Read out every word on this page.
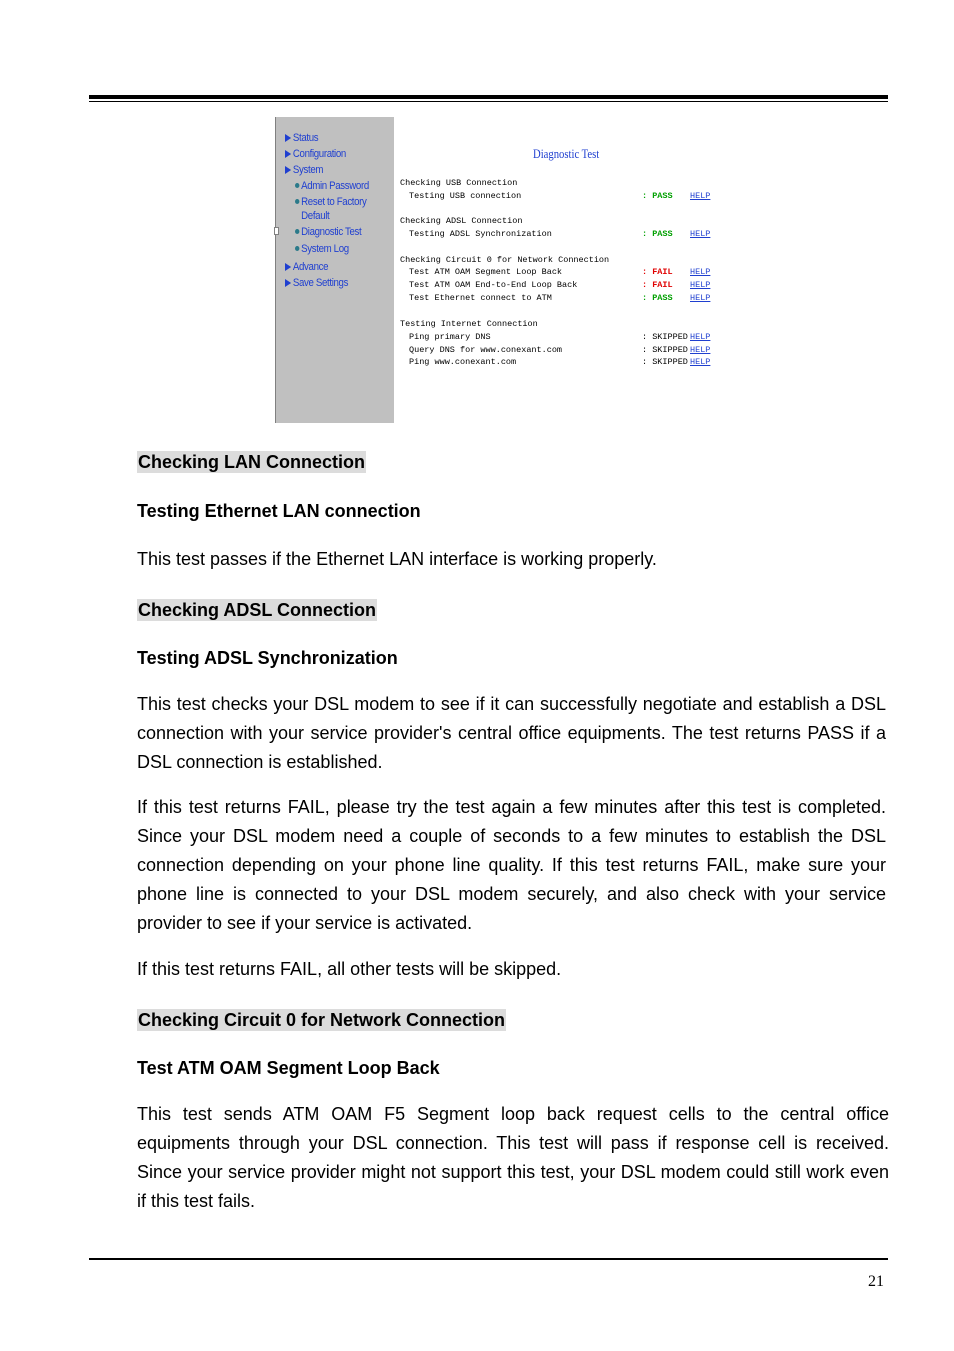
Status
Configuration
System
Admin Password
Reset to Factory
Default
Diagnostic Test
System Log
Advance
Save Settings
Diagnostic Test
Checking USB Connection
Testing USB connection	: PASS HELP
Checking ADSL Connection
Testing ADSL Synchronization	: PASS HELP
Checking Circuit 0 for Network Connection
Test ATM OAM Segment Loop Back	: FAIL HELP
Test ATM OAM End-to-End Loop Back	: FAIL HELP
Test Ethernet connect to ATM	: PASS HELP
Testing Internet Connection
Ping primary DNS	: SKIPPED HELP
Query DNS for www.conexant.com	: SKIPPED HELP
Ping www.conexant.com	: SKIPPED HELP
Checking LAN Connection
Testing Ethernet LAN connection
This test passes if the Ethernet LAN interface is working properly.
Checking ADSL Connection
Testing ADSL Synchronization
This test checks your DSL modem to see if it can successfully negotiate and establish a DSL connection with your service provider's central office equipments. The test returns PASS if a DSL connection is established.
If this test returns FAIL, please try the test again a few minutes after this test is completed. Since your DSL modem need a couple of seconds to a few minutes to establish the DSL connection depending on your phone line quality. If this test returns FAIL, make sure your phone line is connected to your DSL modem securely, and also check with your service provider to see if your service is activated.
If this test returns FAIL, all other tests will be skipped.
Checking Circuit 0 for Network Connection
Test ATM OAM Segment Loop Back
This test sends ATM OAM F5 Segment loop back request cells to the central office equipments through your DSL connection. This test will pass if response cell is received. Since your service provider might not support this test, your DSL modem could still work even if this test fails.
21
